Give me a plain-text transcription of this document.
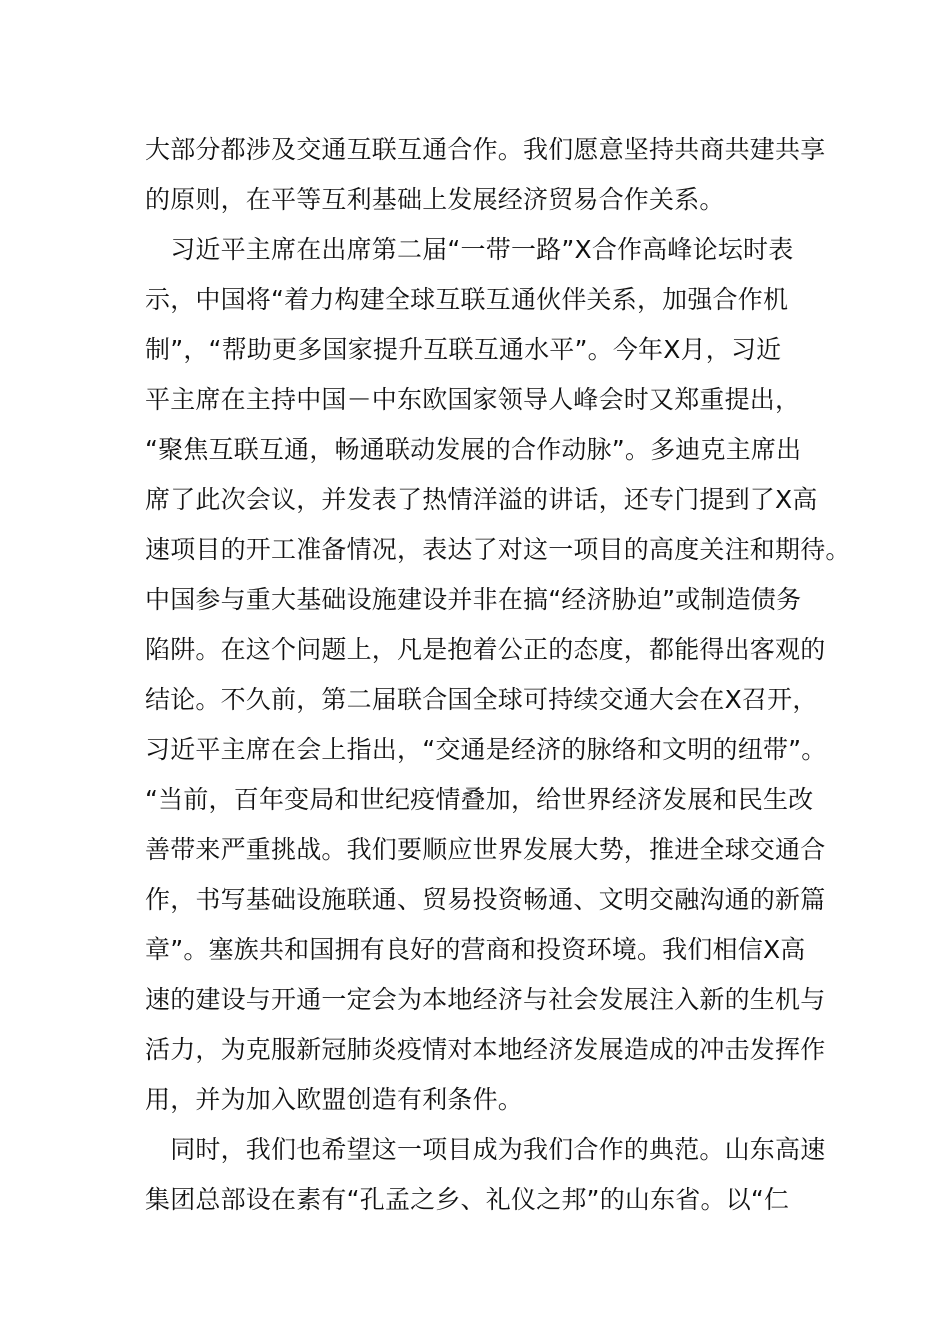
大部分都涉及交通互联互通合作。我们愿意坚持共商共建共享
的原则，在平等互利基础上发展经济贸易合作关系。
　习近平主席在出席第二届“一带一路”X合作高峰论坛时表
示，中国将“着力构建全球互联互通伙伴关系，加强合作机
制”，“帮助更多国家提升互联互通水平”。今年X月，习近
平主席在主持中国－中东欧国家领导人峰会时又郑重提出，
“聚焦互联互通，畅通联动发展的合作动脉”。多迪克主席出
席了此次会议，并发表了热情洋溢的讲话，还专门提到了X高
速项目的开工准备情况，表达了对这一项目的高度关注和期待。
中国参与重大基础设施建设并非在搞“经济胁迫”或制造债务
陷阱。在这个问题上，凡是抱着公正的态度，都能得出客观的
结论。不久前，第二届联合国全球可持续交通大会在X召开，
习近平主席在会上指出，“交通是经济的脉络和文明的纽带”。
“当前，百年变局和世纪疫情叠加，给世界经济发展和民生改
善带来严重挑战。我们要顺应世界发展大势，推进全球交通合
作，书写基础设施联通、贸易投资畅通、文明交融沟通的新篇
章”。塞族共和国拥有良好的营商和投资环境。我们相信X高
速的建设与开通一定会为本地经济与社会发展注入新的生机与
活力，为克服新冠肺炎疫情对本地经济发展造成的冲击发挥作
用，并为加入欧盟创造有利条件。
　同时，我们也希望这一项目成为我们合作的典范。山东高速
集团总部设在素有“孔孟之乡、礼仪之邦”的山东省。以“仁
